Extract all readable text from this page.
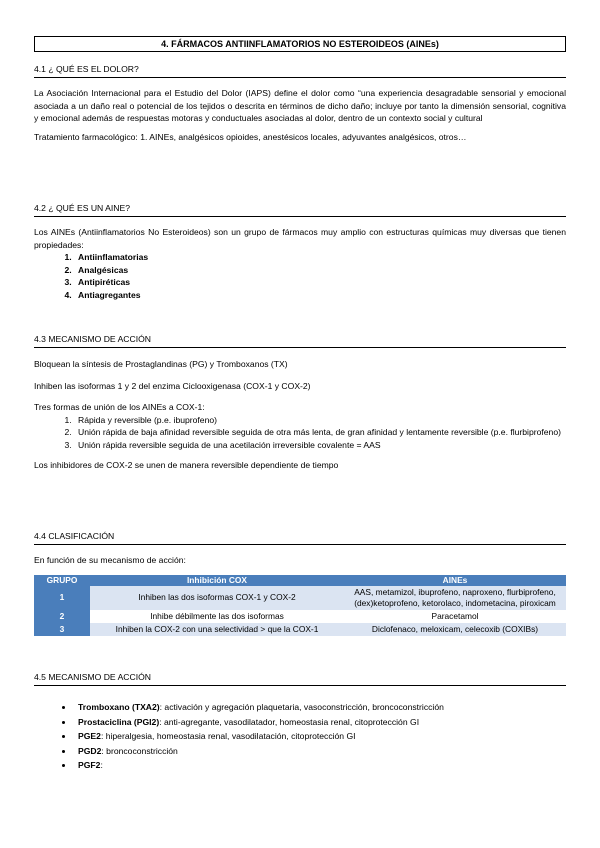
4. FÁRMACOS ANTIINFLAMATORIOS NO ESTEROIDEOS (AINEs)
4.1 ¿ QUÉ ES EL DOLOR?

La Asociación Internacional para el Estudio del Dolor (IAPS) define el dolor como “una experiencia desagradable sensorial y emocional asociada a un daño real o potencial de los tejidos o descrita en términos de dicho daño; incluye por tanto la dimensión sensorial, cognitiva y emocional además de respuestas motoras y conductuales asociadas al dolor, dentro de un contexto social y cultural

Tratamiento farmacológico: 1. AINEs, analgésicos opioides, anestésicos locales, adyuvantes analgésicos, otros…

4.2 ¿ QUÉ ES UN AINE?

Los AINEs (Antiinflamatorios No Esteroideos) son un grupo de fármacos muy amplio con estructuras químicas muy diversas que tienen propiedades:

1. Antiinflamatorias
2. Analgésicas
3. Antipiréticas
4. Antiagregantes
4.3 MECANISMO DE ACCIÓN

Bloquean la síntesis de Prostaglandinas (PG) y Tromboxanos (TX)

Inhiben las isoformas 1 y 2 del enzima Ciclooxigenasa (COX-1 y COX-2)

Tres formas de unión de los AINEs a COX-1:

1. Rápida y reversible (p.e. ibuprofeno)
2. Unión rápida de baja afinidad reversible seguida de otra más lenta, de gran afinidad y lentamente reversible (p.e. flurbiprofeno)
3. Unión rápida reversible seguida de una acetilación irreversible covalente = AAS

Los inhibidores de COX-2 se unen de manera reversible dependiente de tiempo

4.4 CLASIFICACIÓN

En función de su mecanismo de acción:

GRUPO	Inhibición COX	AINEs
1	Inhiben las dos isoformas COX-1 y COX-2	AAS, metamizol, ibuprofeno, naproxeno, flurbiprofeno, (dex)ketoprofeno, ketorolaco, indometacina, piroxicam
2	Inhibe débilmente las dos isoformas	Paracetamol
3	Inhiben la COX-2 con una selectividad > que la COX-1	Diclofenaco, meloxicam, celecoxib (COXIBs)
4.5 MECANISMO DE ACCIÓN
• Tromboxano (TXA2): activación y agregación plaquetaria, vasoconstricción, broncoconstricción
• Prostaciclina (PGI2): anti-agregante, vasodilatador, homeostasia renal, citoprotección GI
• PGE2: hiperalgesia, homeostasia renal, vasodilatación, citoprotección GI
• PGD2: broncoconstricción
• PGF2:
